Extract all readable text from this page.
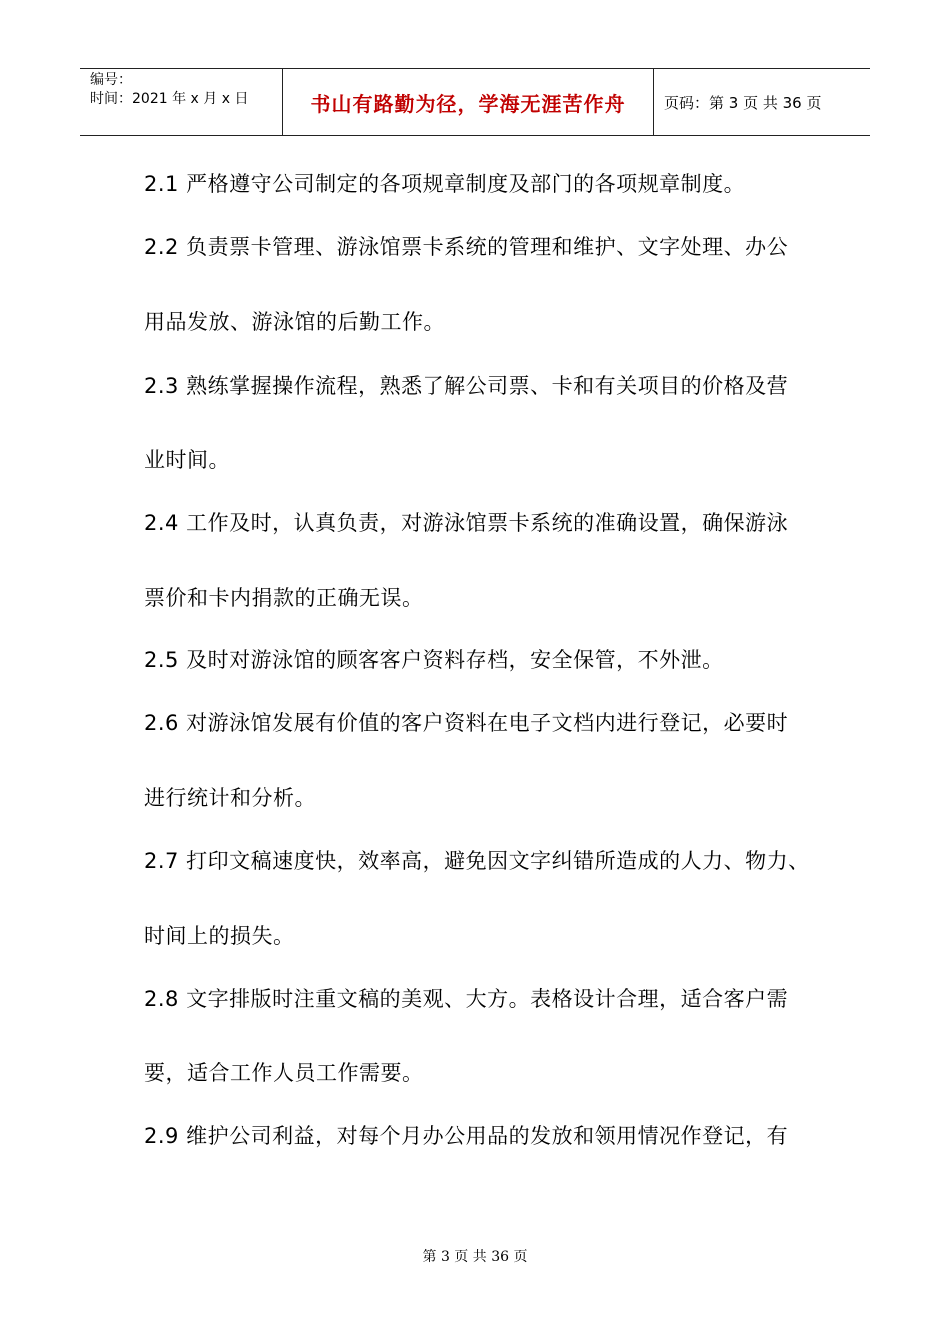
编号：
时间：2021 年 x 月 x 日	书山有路勤为径，学海无涯苦作舟	页码：第 3 页 共 36 页
2.1 严格遵守公司制定的各项规章制度及部门的各项规章制度。
2.2 负责票卡管理、游泳馆票卡系统的管理和维护、文字处理、办公
用品发放、游泳馆的后勤工作。
2.3 熟练掌握操作流程，熟悉了解公司票、卡和有关项目的价格及营
业时间。
2.4 工作及时，认真负责，对游泳馆票卡系统的准确设置，确保游泳
票价和卡内捐款的正确无误。
2.5 及时对游泳馆的顾客客户资料存档，安全保管，不外泄。
2.6 对游泳馆发展有价值的客户资料在电子文档内进行登记，必要时
进行统计和分析。
2.7 打印文稿速度快，效率高，避免因文字纠错所造成的人力、物力、
时间上的损失。
2.8 文字排版时注重文稿的美观、大方。表格设计合理，适合客户需
要，适合工作人员工作需要。
2.9 维护公司利益，对每个月办公用品的发放和领用情况作登记，有
第 3 页 共 36 页
